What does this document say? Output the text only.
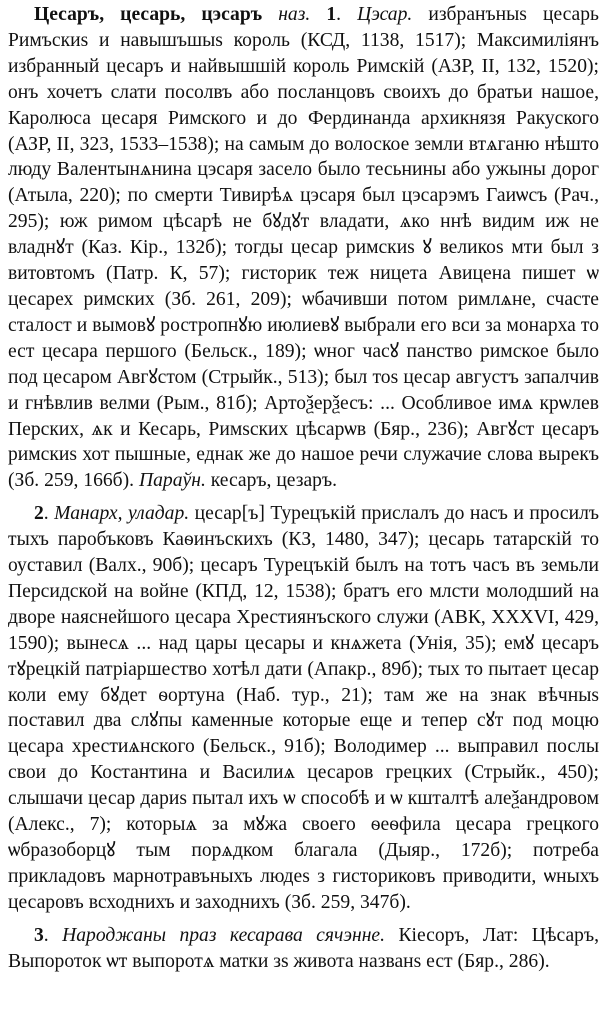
Цесаръ, цесарь, цэсаръ наз. 1. Цэсар. избранъныs цесарь Римъскиs и навышъшыs король (КСД, 1138, 1517); Максимиліянъ избранный цесаръ и найвышшій король Римскій (АЗР, II, 132, 1520); онъ хочетъ слати посолвъ або посланцовъ своихъ до братьи нашое, Каролюса цесаря Римского и до Фердинанда архикнязя Ракуского (АЗР, II, 323, 1533–1538); на самым до волоское земли втѧганю нѣшто люду Валентынѧнина цэсаря засело было тесьнины або ужыны дорог (Атыла, 220); по смерти Тивирѣѧ цэсаря был цэсарэмъ Гаиѡсъ (Рач., 295); юж римом цѣсарѣ не бꙋдꙋт владати, ѧко ннѣ видим иж не владнꙋт (Каз. Кір., 132б); тогды цесар римскиs ꙋ великоs мти был з витовтомъ (Патр. К, 57); гисторик теж ницета Авицена пишет ѡ цесарех римских (Зб. 261, 209); ѡбачивши потом римлѧне, счасте сталост и вымовꙋ ростропнꙋю июлиевꙋ выбрали его вси за монарха то ест цесара першого (Бельск., 189); ѡног часꙋ панство римское было под цесаром Авгꙋстом (Стрыйк., 513); был тоs цесар августъ запалчив и гнѣвлив велми (Рым., 81б); Артоѯерѯесъ: ... Особливое имѧ крѡлев Перских, ѧк и Кесарь, Римsских цѣсарѡв (Бяр., 236); Авгꙋст цесаръ римскиs хот пышные, еднак же до нашое речи служачие слова вырекъ (Зб. 259, 166б). Параўн. кесаръ, цезаръ.

2. Манарх, уладар. цесар[ъ] Турецъкій прислалъ до насъ и просилъ тыхъ паробъковъ Каѳинъскихъ (КЗ, 1480, 347); цесарь татарскій то оуставил (Валх., 90б); цесаръ Турецъкій былъ на тотъ часъ въ земьли Персидской на войне (КПД, 12, 1538); братъ его млсти молодший на дворе наяснейшого цесара Хрестиянъского служи (АВК, XXXVI, 429, 1590); вынесѧ ... над цары цесары и кнѧжета (Унія, 35); емꙋ цесаръ тꙋрецкій патріаршество хотѣл дати (Апакр., 89б); тых то пытает цесар коли ему бꙋдет ѳортуна (Наб. тур., 21); там же на знак вѣчныs поставил два слꙋпы каменные которые еще и тепер сꙋт под моцю цесара хрестиѧнского (Бельск., 91б); Володимер ... выправил послы свои до Костантина и Василиѧ цесаров грецких (Стрыйк., 450); слышачи цесар дариs пытал ихъ ѡ способѣ и ѡ кшталтѣ алеѯандровом (Алекс., 7); которыѧ за мꙋжа своего ѳеѳфила цесара грецкого ѡбразоборцꙋ тым порѧдком благала (Дыяр., 172б); потреба прикладовъ марнотравъныхъ людеs з гисториковъ приводити, ѡныхъ цесаровъ всходнихъ и заходнихъ (Зб. 259, 347б).

3. Народжаны праз кесарава сячэнне. Кіесоръ, Лат: Цѣсаръ, Выпороток ѡт выпоротѧ матки зs живота названs ест (Бяр., 286).
